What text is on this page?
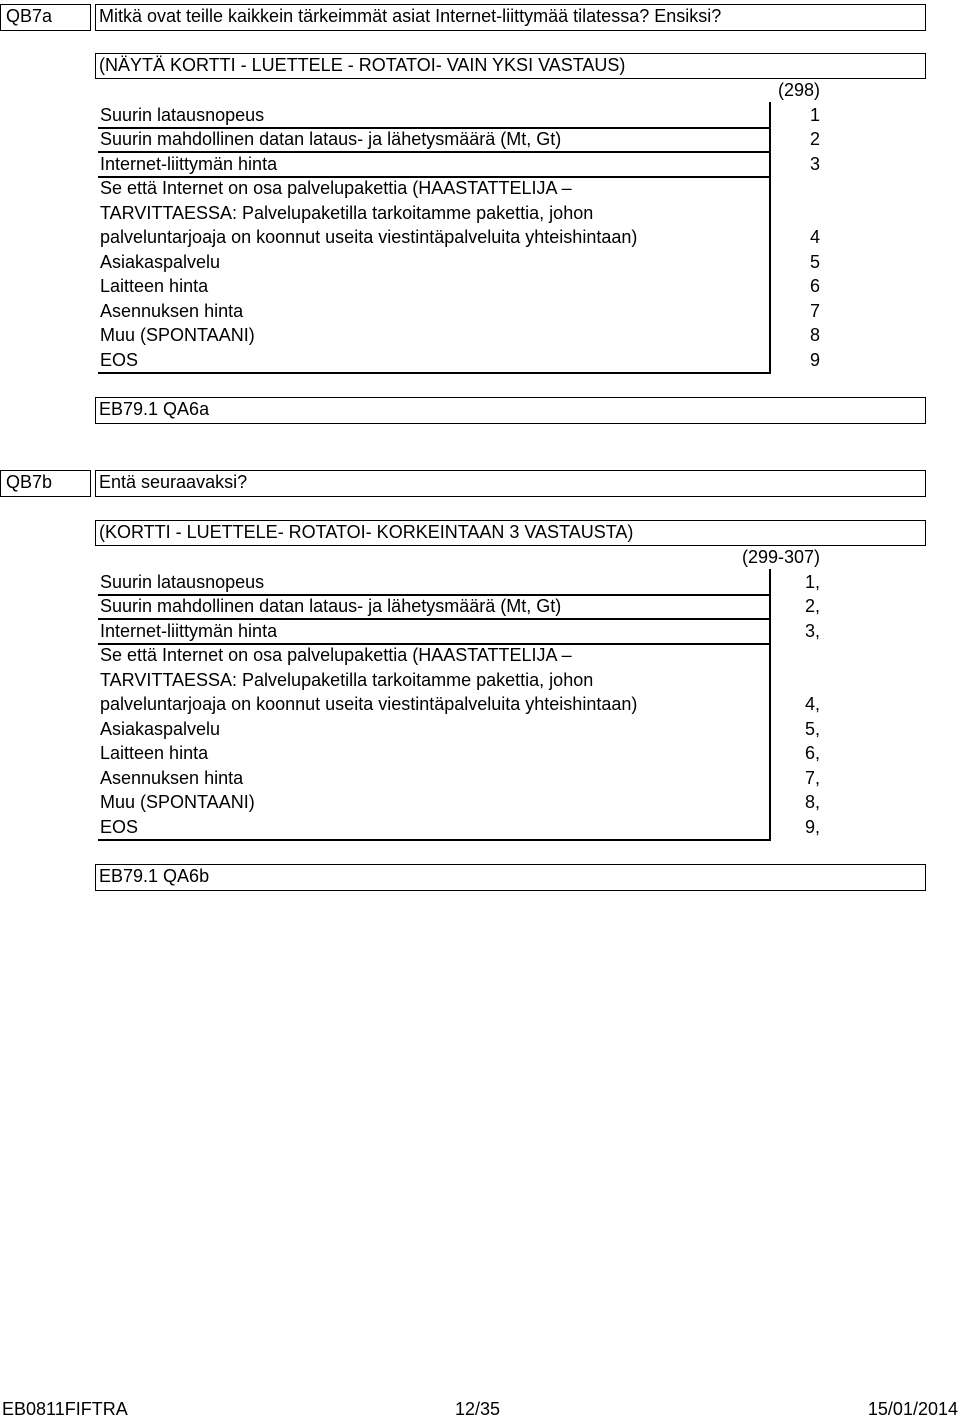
QB7a	Mitkä ovat teille kaikkein tärkeimmät asiat Internet-liittymää tilatessa? Ensiksi?
(NÄYTÄ KORTTI - LUETTELE - ROTATOI- VAIN YKSI VASTAUS)
(298)
Suurin latausnopeus	1
Suurin mahdollinen datan lataus- ja lähetysmäärä (Mt, Gt)	2
Internet-liittymän hinta	3
Se että Internet on osa palvelupakettia (HAASTATTELIJA –
TARVITTAESSA: Palvelupaketilla tarkoitamme pakettia, johon
palveluntarjoaja on koonnut useita viestintäpalveluita yhteishintaan)	4
Asiakaspalvelu	5
Laitteen hinta	6
Asennuksen hinta	7
Muu (SPONTAANI)	8
EOS	9
EB79.1 QA6a
QB7b	Entä seuraavaksi?
(KORTTI - LUETTELE- ROTATOI- KORKEINTAAN 3 VASTAUSTA)
(299-307)
Suurin latausnopeus	1,
Suurin mahdollinen datan lataus- ja lähetysmäärä (Mt, Gt)	2,
Internet-liittymän hinta	3,
Se että Internet on osa palvelupakettia (HAASTATTELIJA –
TARVITTAESSA: Palvelupaketilla tarkoitamme pakettia, johon
palveluntarjoaja on koonnut useita viestintäpalveluita yhteishintaan)	4,
Asiakaspalvelu	5,
Laitteen hinta	6,
Asennuksen hinta	7,
Muu (SPONTAANI)	8,
EOS	9,
EB79.1 QA6b
EB0811FIFTRA	12/35	15/01/2014
